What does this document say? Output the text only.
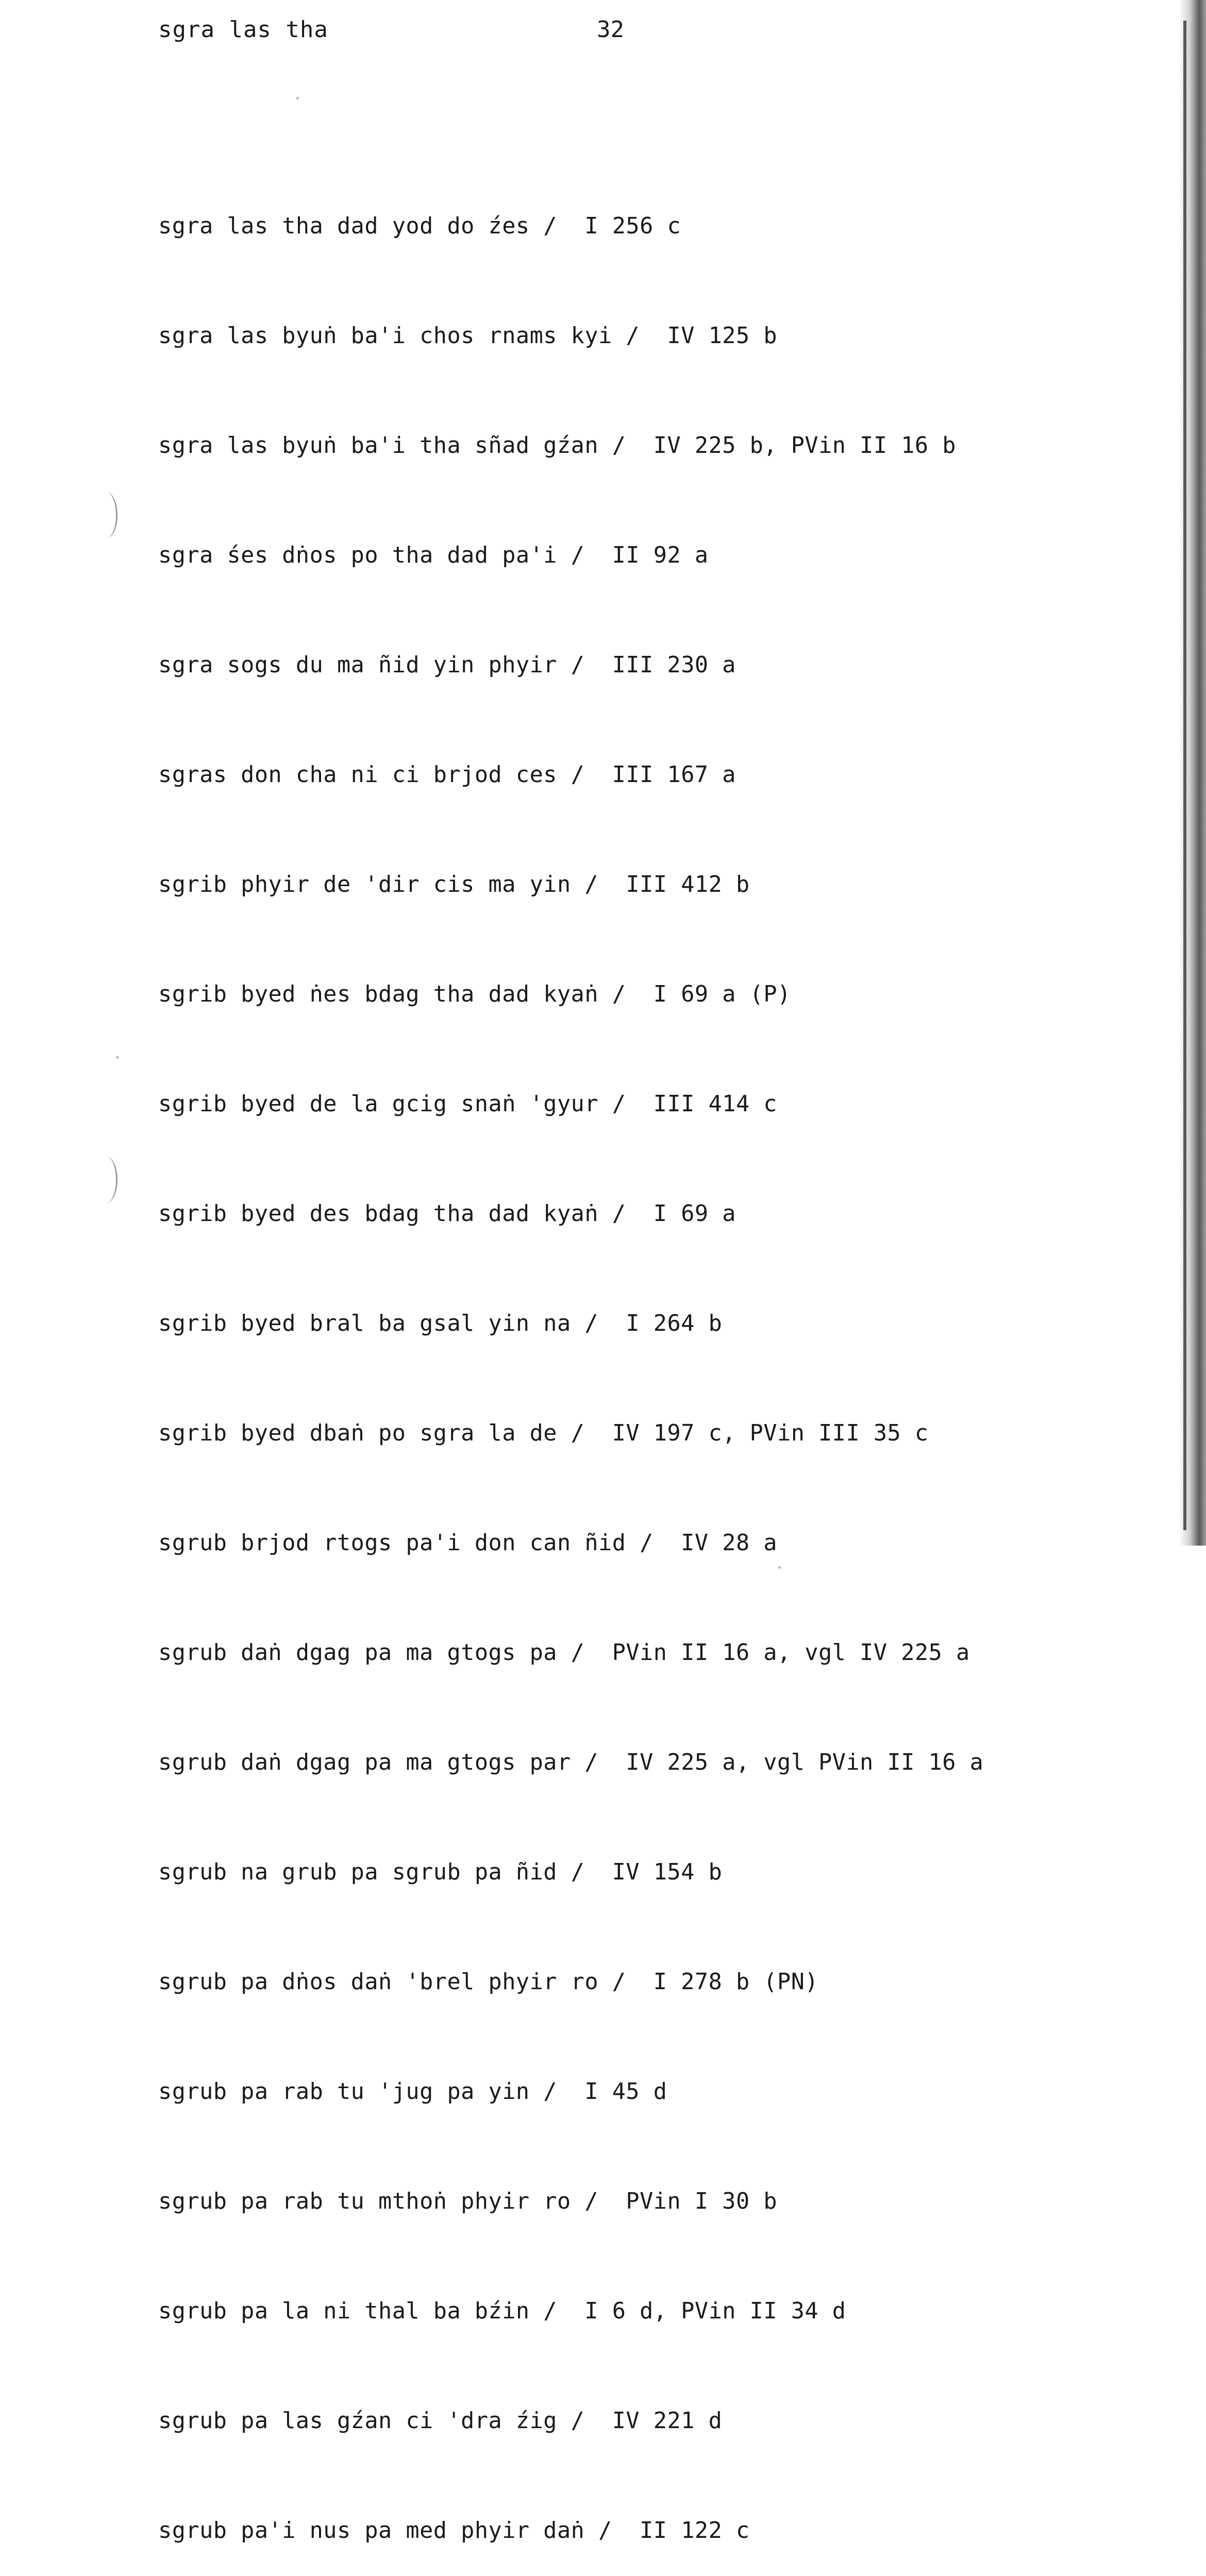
sgra las tha	32

sgra las tha dad yod do źes /  I 256 c

sgra las byuṅ ba'i chos rnams kyi /  IV 125 b

sgra las byuṅ ba'i tha sñad gźan /  IV 225 b, PVin II 16 b

sgra śes dṅos po tha dad pa'i /  II 92 a

sgra sogs du ma ñid yin phyir /  III 230 a

sgras don cha ni ci brjod ces /  III 167 a

sgrib phyir de 'dir cis ma yin /  III 412 b

sgrib byed ṅes bdag tha dad kyaṅ /  I 69 a (P)

sgrib byed de la gcig snaṅ 'gyur /  III 414 c

sgrib byed des bdag tha dad kyaṅ /  I 69 a

sgrib byed bral ba gsal yin na /  I 264 b

sgrib byed dbaṅ po sgra la de /  IV 197 c, PVin III 35 c

sgrub brjod rtogs pa'i don can ñid /  IV 28 a

sgrub daṅ dgag pa ma gtogs pa /  PVin II 16 a, vgl IV 225 a

sgrub daṅ dgag pa ma gtogs par /  IV 225 a, vgl PVin II 16 a

sgrub na grub pa sgrub pa ñid /  IV 154 b

sgrub pa dṅos daṅ 'brel phyir ro /  I 278 b (PN)

sgrub pa rab tu 'jug pa yin /  I 45 d

sgrub pa rab tu mthoṅ phyir ro /  PVin I 30 b

sgrub pa la ni thal ba bźin /  I 6 d, PVin II 34 d

sgrub pa las gźan ci 'dra źig /  IV 221 d

sgrub pa'i nus pa med phyir daṅ /  II 122 c
